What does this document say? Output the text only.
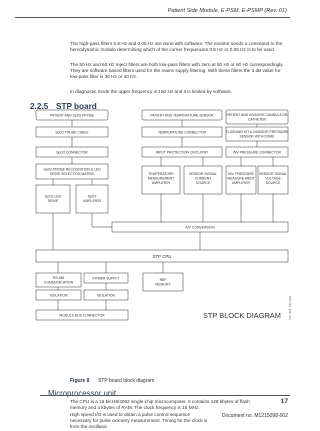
Patient Side Module, E-PSM, E-PSMP (Rev. 01)

The high-pass filters 0.5 Hz and 0.05 Hz are done with software. The monitor sends a command to the hemodynamic module determining which of the corner frequencies 0.5 Hz or 0.05 Hz is to be used.

The 50 Hz and 60 Hz reject filters are both low-pass filters with zero at 50 Hz or 60 Hz correspondingly. They are software based filters used for the mains supply filtering. With these filters the 3 dB value for low-pass filter is 30 Hz or 40 Hz.

In diagnostic mode the upper frequency is 150 Hz and it is limited by software.

2.2.5 STP board
PATIENT AND SpO2 PROBE
SpO2 TRUNK CABLE
SpO2 CONNECTOR
SpO2 PROBE RECOGNITION & LED
DRIVE SELECTION MATRIX
SpO2 LED
DRIVE
SpO2
AMPLIFIER
PATIENT AND TEMPERATURE SENSOR
TEMPERATURE CONNECTOR
INPUT PROTECTION CIRCUITRY
TEMPERATURE
MEASUREMENT
AMPLIFIER
SENSOR SIGNAL
CURRENT
SOURCE
PATIENT AND INVASIVE CANNULA OR
CATHETER
FLUSHING KIT & INVASIVE PRESSURE
SENSOR WITH DOME
INV PRESSURE CONNECTOR
INV. PRESSURE
MEASURE-MENT
AMPLIFIER
SENSOR SIGNAL
VOLTAGE
SOURCE
A/D CONVERSION
RS-485
COMMUNICATION
POWER SUPPLY	REF
MEMORY
ISOLATION	ISOLATION
MODULE BUS CONNECTOR
STP CPU
STP BLOCK DIAGRAM	STP_BLK_DIA_0005
Figure 8 STP board block diagram
Microprocessor unit

The CPU is a 16 bit H8/3052 single-chip microcomputer. It contains 128 kbytes of flash memory and 4 kbytes of RAM. The clock frequency is 16 MHz.

High speed I/O is used to obtain a pulse control sequence necessary for pulse oximetry measurement. Timing for the clock is from the oscillator.

17
Document no. M1215098-002
